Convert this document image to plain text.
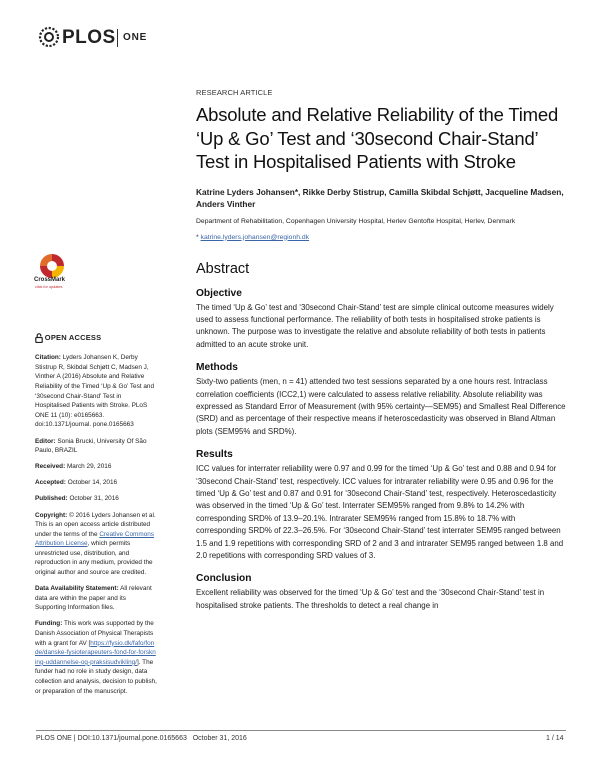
PLOS ONE
CrossMark
click for updates

OPEN ACCESS

Citation: Lyders Johansen K, Derby Stistrup R, Skibdal Schjøtt C, Madsen J, Vinther A (2016) Absolute and Relative Reliability of the Timed ‘Up & Go’ Test and ‘30second Chair-Stand’ Test in Hospitalised Patients with Stroke. PLoS ONE 11 (10): e0165663. doi:10.1371/journal. pone.0165663

Editor: Sonia Brucki, University Of São Paulo, BRAZIL

Received: March 29, 2016

Accepted: October 14, 2016

Published: October 31, 2016

Copyright: © 2016 Lyders Johansen et al. This is an open access article distributed under the terms of the Creative Commons Attribution License, which permits unrestricted use, distribution, and reproduction in any medium, provided the original author and source are credited.

Data Availability Statement: All relevant data are within the paper and its Supporting Information files.

Funding: This work was supported by the Danish Association of Physical Therapists with a grant for AV [https://fysio.dk/fafo/fonde/danske-fysioterapeuters-fond-for-forskning-uddannelse-og-praksisudvikling/]. The funder had no role in study design, data collection and analysis, decision to publish, or preparation of the manuscript.

RESEARCH ARTICLE

Absolute and Relative Reliability of the Timed ‘Up & Go’ Test and ‘30second Chair-Stand’ Test in Hospitalised Patients with Stroke

Katrine Lyders Johansen*, Rikke Derby Stistrup, Camilla Skibdal Schjøtt, Jacqueline Madsen, Anders Vinther

Department of Rehabilitation, Copenhagen University Hospital, Herlev Gentofte Hospital, Herlev, Denmark

* katrine.lyders.johansen@regionh.dk

Abstract
Objective

The timed ‘Up & Go’ test and ‘30second Chair-Stand’ test are simple clinical outcome measures widely used to assess functional performance. The reliability of both tests in hospitalised stroke patients is unknown. The purpose was to investigate the relative and absolute reliability of both tests in patients admitted to an acute stroke unit.

Methods

Sixty-two patients (men, n = 41) attended two test sessions separated by a one hours rest. Intraclass correlation coefficients (ICC2,1) were calculated to assess relative reliability. Absolute reliability was expressed as Standard Error of Measurement (with 95% certainty—SEM95) and Smallest Real Difference (SRD) and as percentage of their respective means if heteroscedasticity was observed in Bland Altman plots (SEM95% and SRD%).

Results

ICC values for interrater reliability were 0.97 and 0.99 for the timed ‘Up & Go’ test and 0.88 and 0.94 for ‘30second Chair-Stand’ test, respectively. ICC values for intrarater reliability were 0.95 and 0.96 for the timed ‘Up & Go’ test and 0.87 and 0.91 for ‘30second Chair-Stand’ test, respectively. Heteroscedasticity was observed in the timed ‘Up & Go’ test. Interrater SEM95% ranged from 9.8% to 14.2% with corresponding SRD% of 13.9–20.1%. Intrarater SEM95% ranged from 15.8% to 18.7% with corresponding SRD% of 22.3–26.5%. For ‘30second Chair-Stand’ test interrater SEM95 ranged between 1.5 and 1.9 repetitions with corresponding SRD of 2 and 3 and intrarater SEM95 ranged between 1.8 and 2.0 repetitions with corresponding SRD values of 3.

Conclusion

Excellent reliability was observed for the timed ‘Up & Go’ test and the ‘30second Chair-Stand’ test in hospitalised stroke patients. The thresholds to detect a real change in

PLOS ONE | DOI:10.1371/journal.pone.0165663   October 31, 2016	1 / 14
